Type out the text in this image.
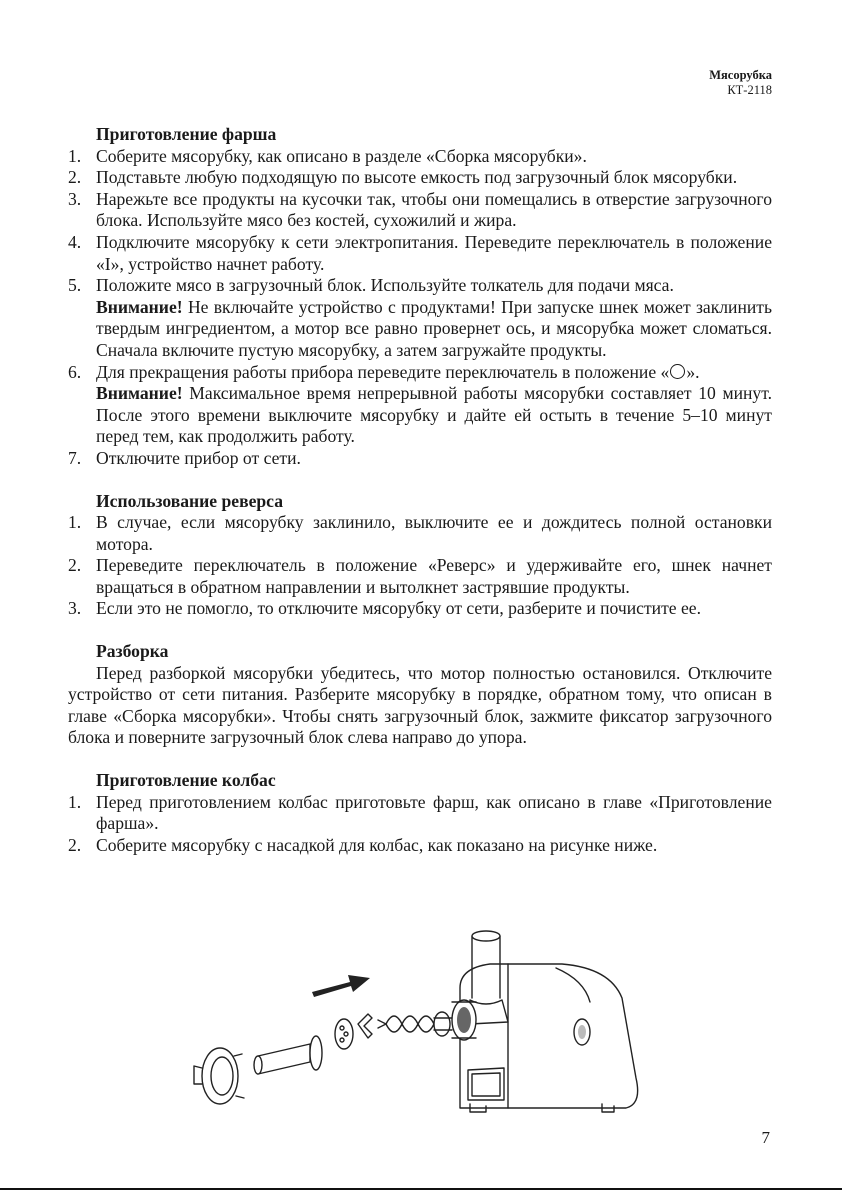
Мясорубка
КТ-2118
Приготовление фарша
1. Соберите мясорубку, как описано в разделе «Сборка мясорубки».
2. Подставьте любую подходящую по высоте емкость под загрузочный блок мясорубки.
3. Нарежьте все продукты на кусочки так, чтобы они помещались в отверстие загрузочного блока. Используйте мясо без костей, сухожилий и жира.
4. Подключите мясорубку к сети электропитания. Переведите переключатель в положение «I», устройство начнет работу.
5. Положите мясо в загрузочный блок. Используйте толкатель для подачи мяса.
Внимание! Не включайте устройство с продуктами! При запуске шнек может заклинить твердым ингредиентом, а мотор все равно провернет ось, и мясорубка может сломаться. Сначала включите пустую мясорубку, а затем загружайте продукты.
6. Для прекращения работы прибора переведите переключатель в положение « ».
Внимание! Максимальное время непрерывной работы мясорубки составляет 10 минут. После этого времени выключите мясорубку и дайте ей остыть в течение 5–10 минут перед тем, как продолжить работу.
7. Отключите прибор от сети.
Использование реверса
1. В случае, если мясорубку заклинило, выключите ее и дождитесь полной остановки мотора.
2. Переведите переключатель в положение «Реверс» и удерживайте его, шнек начнет вращаться в обратном направлении и вытолкнет застрявшие продукты.
3. Если это не помогло, то отключите мясорубку от сети, разберите и почистите ее.
Разборка
Перед разборкой мясорубки убедитесь, что мотор полностью остановился. Отключите устройство от сети питания. Разберите мясорубку в порядке, обратном тому, что описан в главе «Сборка мясорубки». Чтобы снять загрузочный блок, зажмите фиксатор загрузочного блока и поверните загрузочный блок слева направо до упора.
Приготовление колбас
1. Перед приготовлением колбас приготовьте фарш, как описано в главе «Приготовление фарша».
2. Соберите мясорубку с насадкой для колбас, как показано на рисунке ниже.
7
